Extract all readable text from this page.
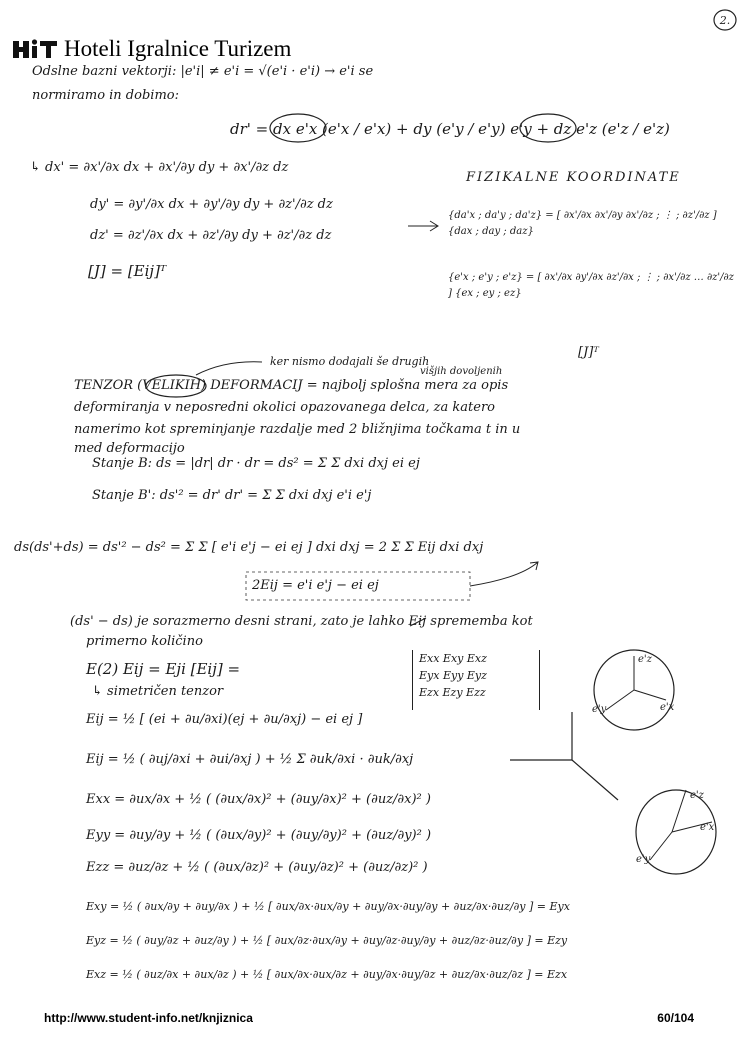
Hoteli Igralnice Turizem
2.
Odslne bazni vektorji: |e'i| ≠ e'i = √(e'i · e'i) → e'i se
normiramo in dobimo:
dr' = dx e'x (e'x / e'x) + dy (e'y / e'y) e'y + dz e'z (e'z / e'z)
↳ dx' = ∂x'/∂x dx + ∂x'/∂y dy + ∂x'/∂z dz
dy' = ∂y'/∂x dx + ∂y'/∂y dy + ∂z'/∂z dz
dz' = ∂z'/∂x dx + ∂z'/∂y dy + ∂z'/∂z dz
[J] = [Eij]ᵀ
FIZIKALNE KOORDINATE
{da'x ; da'y ; da'z} = [ ∂x'/∂x ∂x'/∂y ∂x'/∂z ; ⋮ ; ∂z'/∂z ] {dax ; day ; daz}
{e'x ; e'y ; e'z} = [ ∂x'/∂x ∂y'/∂x ∂z'/∂x ; ⋮ ; ∂x'/∂z … ∂z'/∂z ] {ex ; ey ; ez}
[J]ᵀ
ker nismo dodajali še drugih
višjih dovoljenih
TENZOR (VELIKIH) DEFORMACIJ = najbolj splošna mera za opis
deformiranja v neposredni okolici opazovanega delca, za katero
namerimo kot spreminjanje razdalje med 2 bližnjima točkama t in u
med deformacijo
Stanje B: ds = |dr| dr · dr = ds² = Σ Σ dxi dxj ei ej
Stanje B': ds'² = dr' dr' = Σ Σ dxi dxj e'i e'j
ds(ds'+ds) = ds'² − ds² = Σ Σ [ e'i e'j − ei ej ] dxi dxj = 2 Σ Σ Eij dxi dxj
2Eij = e'i e'j − ei ej
(ds' − ds) je sorazmerno desni strani, zato je lahko Eij sprememba kot
primerno količino
E(2) Eij = Eji [Eij] =
↳ simetričen tenzor
Exx Exy Exz
Eyx Eyy Eyz
Ezx Ezy Ezz
Eij = ½ [ (ei + ∂u/∂xi)(ej + ∂u/∂xj) − ei ej ]
Eij = ½ ( ∂uj/∂xi + ∂ui/∂xj ) + ½ Σ ∂uk/∂xi · ∂uk/∂xj
Exx = ∂ux/∂x + ½ ( (∂ux/∂x)² + (∂uy/∂x)² + (∂uz/∂x)² )
Eyy = ∂uy/∂y + ½ ( (∂ux/∂y)² + (∂uy/∂y)² + (∂uz/∂y)² )
Ezz = ∂uz/∂z + ½ ( (∂ux/∂z)² + (∂uy/∂z)² + (∂uz/∂z)² )
Exy = ½ ( ∂ux/∂y + ∂uy/∂x ) + ½ [ ∂ux/∂x·∂ux/∂y + ∂uy/∂x·∂uy/∂y + ∂uz/∂x·∂uz/∂y ] = Eyx
Eyz = ½ ( ∂uy/∂z + ∂uz/∂y ) + ½ [ ∂ux/∂z·∂ux/∂y + ∂uy/∂z·∂uy/∂y + ∂uz/∂z·∂uz/∂y ] = Ezy
Exz = ½ ( ∂uz/∂x + ∂ux/∂z ) + ½ [ ∂ux/∂x·∂ux/∂z + ∂uy/∂x·∂uy/∂z + ∂uz/∂x·∂uz/∂z ] = Ezx
e'z
e'y	e'x
e'z
e'x
e'y
http://www.student-info.net/knjiznica	60/104
